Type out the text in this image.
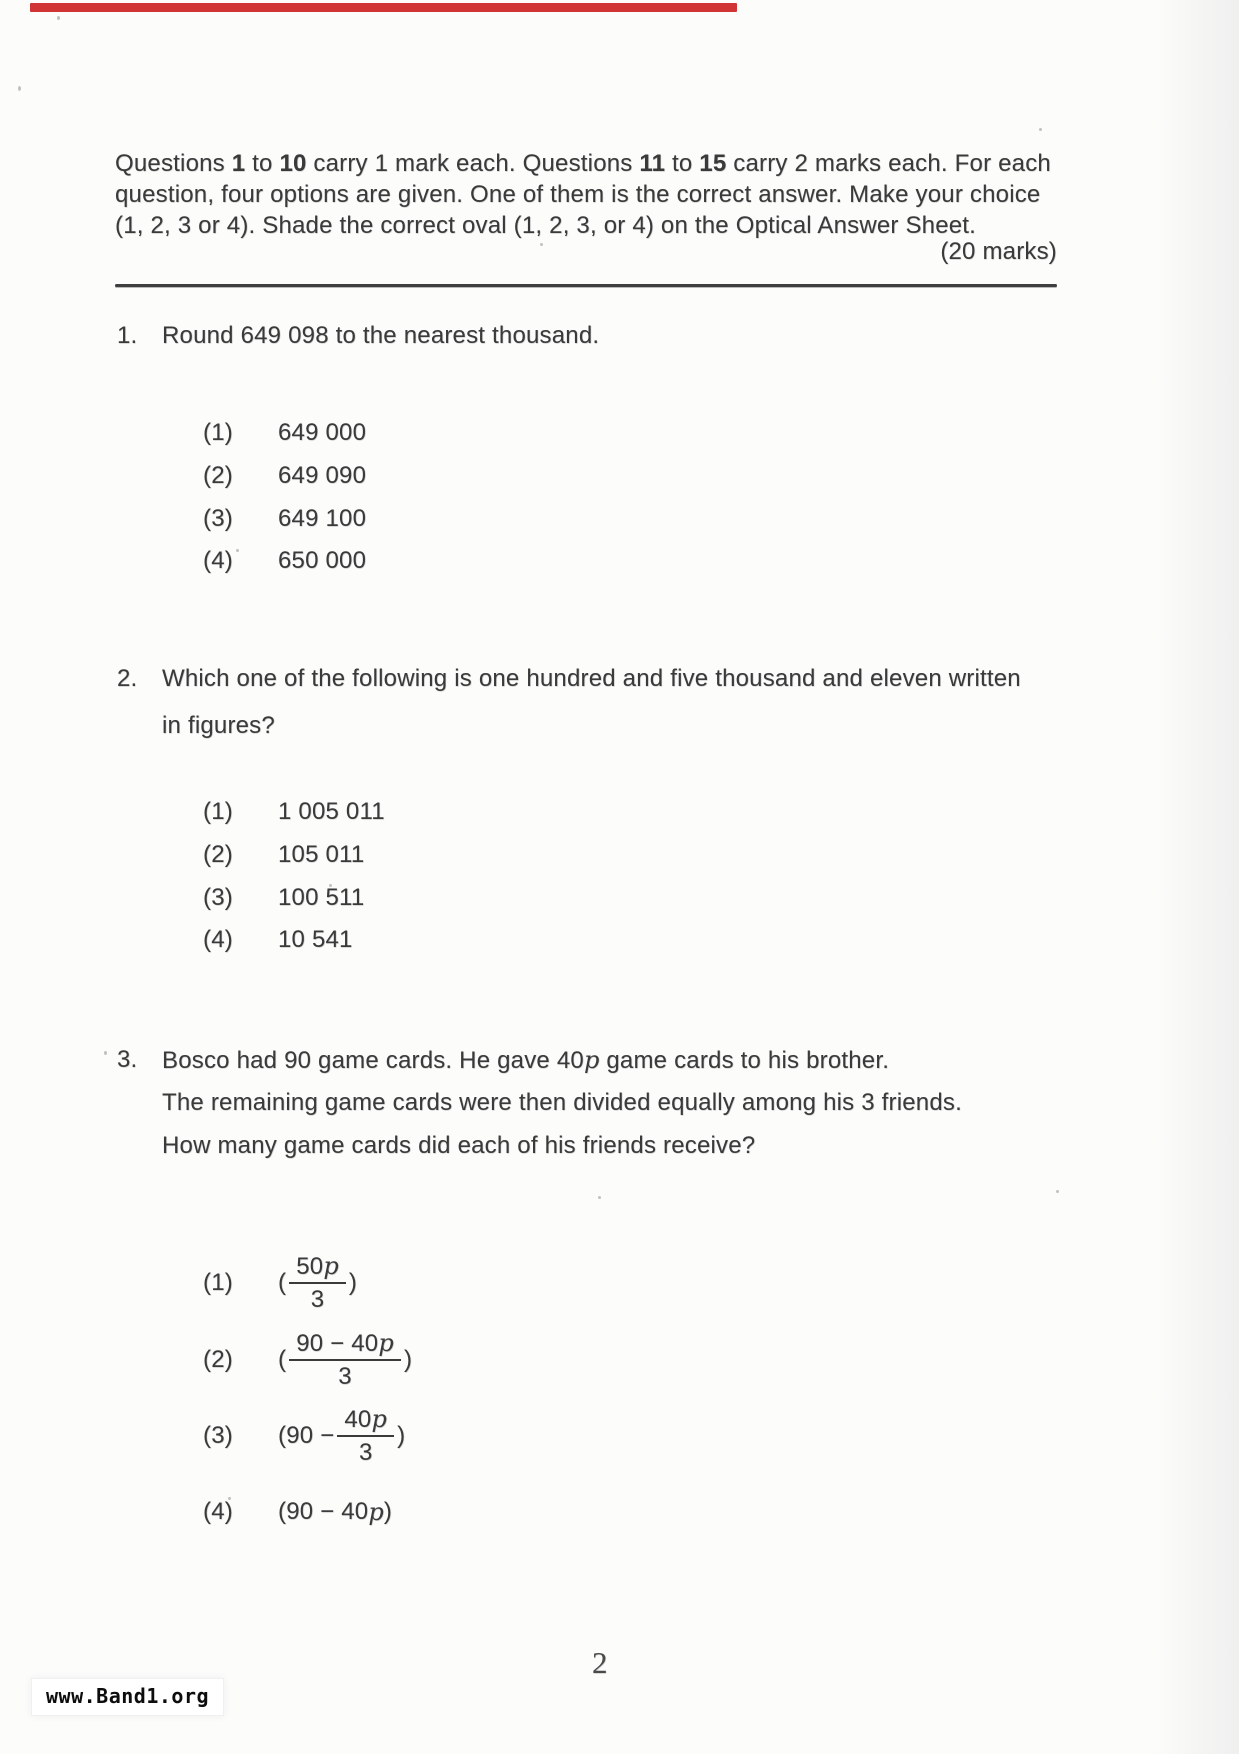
Questions 1 to 10 carry 1 mark each. Questions 11 to 15 carry 2 marks each. For each
question, four options are given. One of them is the correct answer. Make your choice
(1, 2, 3 or 4). Shade the correct oval (1, 2, 3, or 4) on the Optical Answer Sheet.
(20 marks)
1. Round 649 098 to the nearest thousand.
(1)	649 000
(2)	649 090
(3)	649 100
(4)	650 000
2. Which one of the following is one hundred and five thousand and eleven written
in figures?
(1)	1 005 011
(2)	105 011
(3)	100 511
(4)	10 541
3. Bosco had 90 game cards. He gave 40p game cards to his brother.
The remaining game cards were then divided equally among his 3 friends.
How many game cards did each of his friends receive?
(1)	( $\frac{50p}{3}$ )
(2)	( $\frac{90 - 40p}{3}$ )
(3)	($90 - \frac{40p}{3}$ )
(4)	(90 − 40 p )
2
www.Band1.org
